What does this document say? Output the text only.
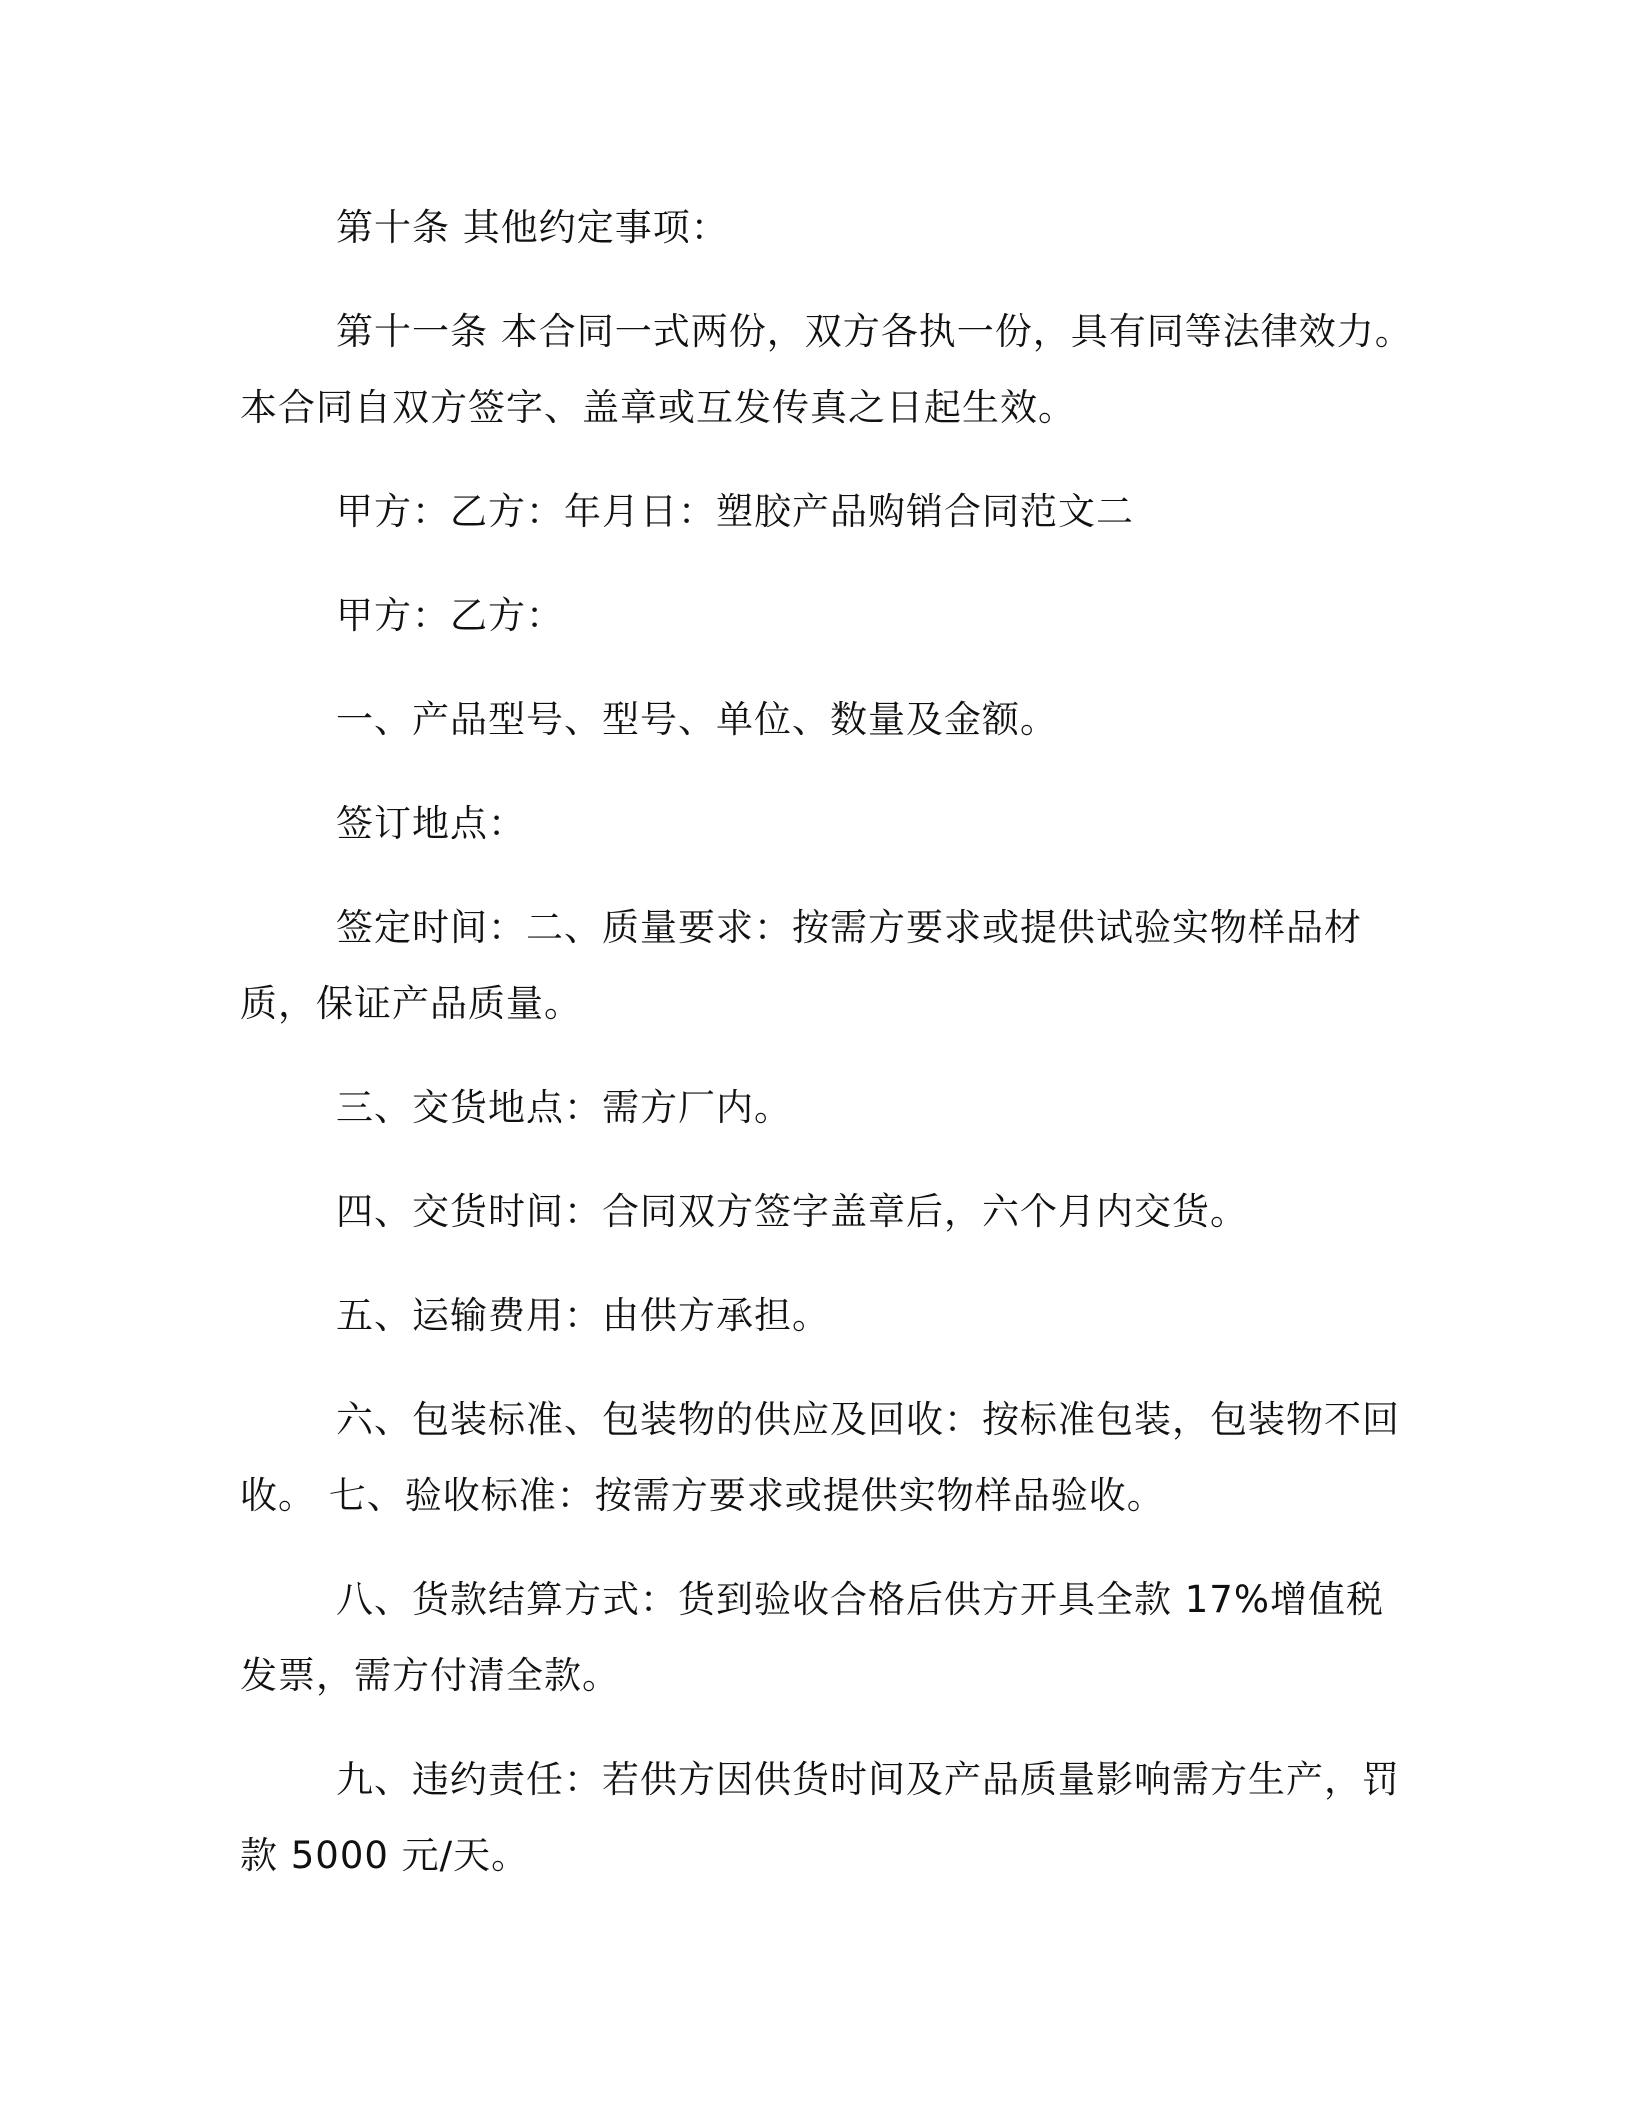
第十条 其他约定事项：

第十一条 本合同一式两份，双方各执一份，具有同等法律效力。本合同自双方签字、盖章或互发传真之日起生效。

甲方：乙方：年月日：塑胶产品购销合同范文二

甲方：乙方：

一、产品型号、型号、单位、数量及金额。

签订地点：

签定时间：二、质量要求：按需方要求或提供试验实物样品材质，保证产品质量。

三、交货地点：需方厂内。

四、交货时间：合同双方签字盖章后，六个月内交货。

五、运输费用：由供方承担。

六、包装标准、包装物的供应及回收：按标准包装，包装物不回收。 七、验收标准：按需方要求或提供实物样品验收。

八、货款结算方式：货到验收合格后供方开具全款 17%增值税发票，需方付清全款。

九、违约责任：若供方因供货时间及产品质量影响需方生产，罚款 5000 元/天。
